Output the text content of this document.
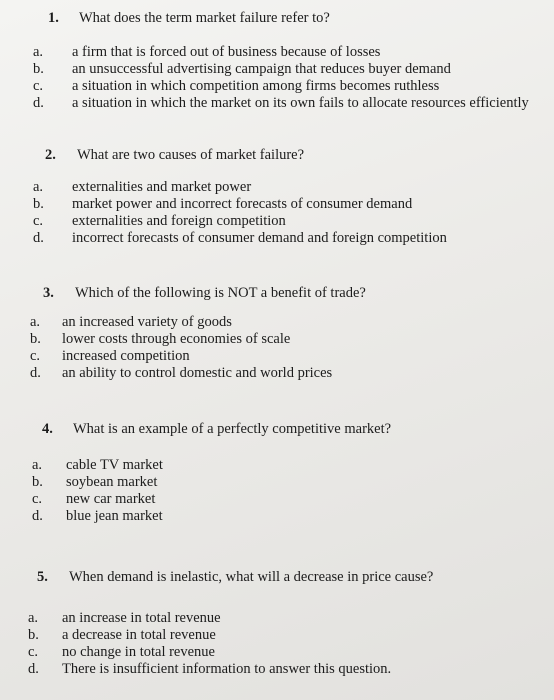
1. What does the term market failure refer to?
a. a firm that is forced out of business because of losses
b. an unsuccessful advertising campaign that reduces buyer demand
c. a situation in which competition among firms becomes ruthless
d. a situation in which the market on its own fails to allocate resources efficiently
2. What are two causes of market failure?
a. externalities and market power
b. market power and incorrect forecasts of consumer demand
c. externalities and foreign competition
d. incorrect forecasts of consumer demand and foreign competition
3. Which of the following is NOT a benefit of trade?
a. an increased variety of goods
b. lower costs through economies of scale
c. increased competition
d. an ability to control domestic and world prices
4. What is an example of a perfectly competitive market?
a. cable TV market
b. soybean market
c. new car market
d. blue jean market
5. When demand is inelastic, what will a decrease in price cause?
a. an increase in total revenue
b. a decrease in total revenue
c. no change in total revenue
d. There is insufficient information to answer this question.
